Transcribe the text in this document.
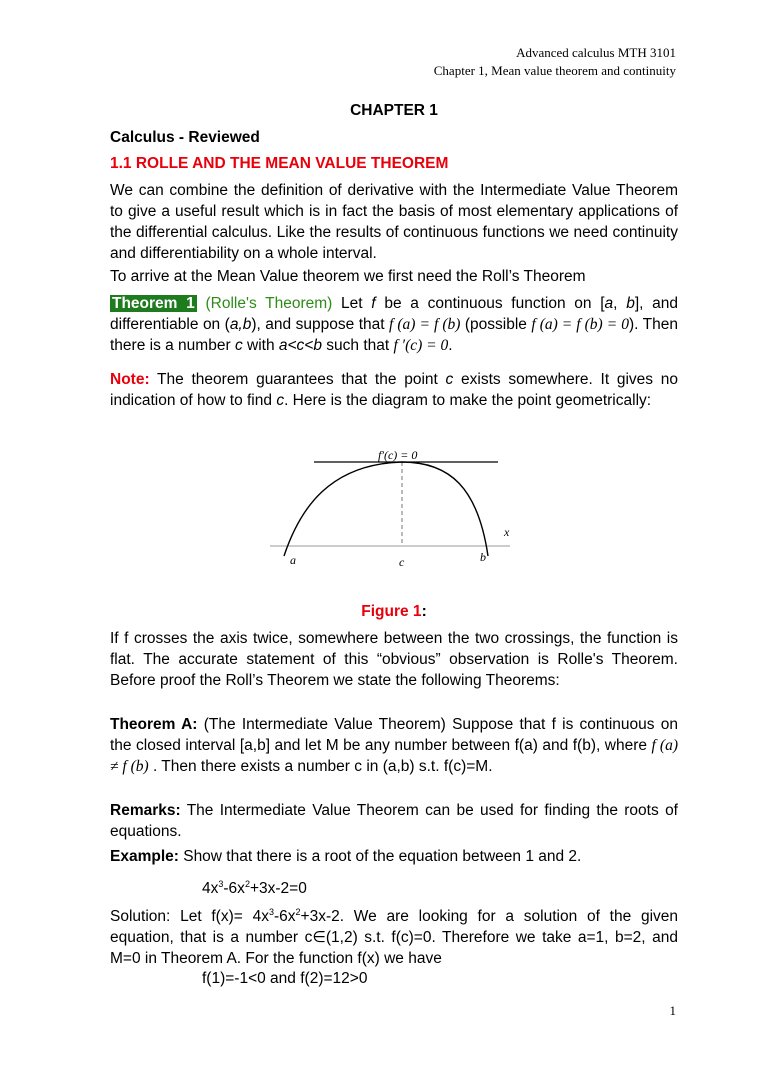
Advanced calculus MTH 3101
Chapter 1, Mean value theorem and continuity
CHAPTER 1
Calculus - Reviewed
1.1 ROLLE AND THE MEAN VALUE THEOREM
We can combine the definition of derivative with the Intermediate Value Theorem to give a useful result which is in fact the basis of most elementary applications of the differential calculus. Like the results of continuous functions we need continuity and differentiability on a whole interval.
To arrive at the Mean Value theorem we first need the Roll’s Theorem
Theorem 1 (Rolle's Theorem) Let f be a continuous function on [a, b], and differentiable on (a,b), and suppose that f (a) = f (b) (possible f (a) = f (b) = 0). Then there is a number c with a<c<b such that f ′(c) = 0.
Note: The theorem guarantees that the point c exists somewhere. It gives no indication of how to find c. Here is the diagram to make the point geometrically:
f′(c) = 0
x
a	c	b
Figure 1:
If f crosses the axis twice, somewhere between the two crossings, the function is flat. The accurate statement of this “obvious” observation is Rolle's Theorem. Before proof the Roll’s Theorem we state the following Theorems:
Theorem A: (The Intermediate Value Theorem) Suppose that f is continuous on the closed interval [a,b] and let M be any number between f(a) and f(b), where f (a) ≠ f (b) . Then there exists a number c in (a,b) s.t. f(c)=M.
Remarks: The Intermediate Value Theorem can be used for finding the roots of equations.
Example: Show that there is a root of the equation between 1 and 2.
$4x^3-6x^2+3x-2=0$
Solution: Let $f(x)= 4x^3-6x^2+3x-2$. We are looking for a solution of the given equation, that is a number c∈(1,2) s.t. f(c)=0. Therefore we take a=1, b=2, and M=0 in Theorem A. For the function f(x) we have
f(1)=-1<0 and f(2)=12>0
1
